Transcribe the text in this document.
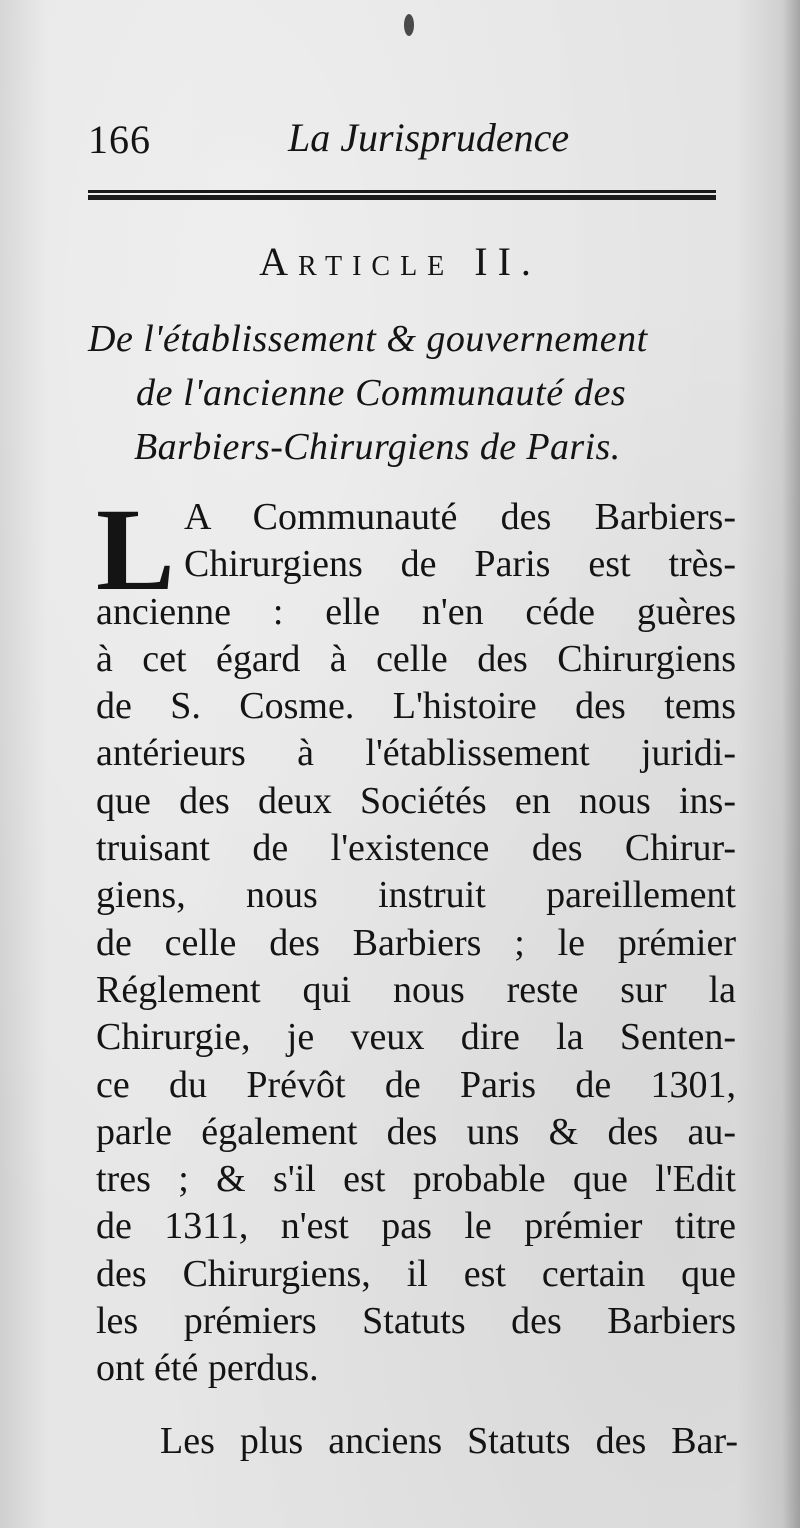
166	La Jurisprudence
Article II.
De l'établissement & gouvernement
de l'ancienne Communauté des
Barbiers-Chirurgiens de Paris.
L A Communauté des Barbiers-
Chirurgiens de Paris est très-
ancienne : elle n'en céde guères
à cet égard à celle des Chirurgiens
de S. Cosme. L'histoire des tems
antérieurs à l'établissement juridi-
que des deux Sociétés en nous ins-
truisant de l'existence des Chirur-
giens, nous instruit pareillement
de celle des Barbiers ; le prémier
Réglement qui nous reste sur la
Chirurgie, je veux dire la Senten-
ce du Prévôt de Paris de 1301,
parle également des uns & des au-
tres ; & s'il est probable que l'Edit
de 1311, n'est pas le prémier titre
des Chirurgiens, il est certain que
les prémiers Statuts des Barbiers
ont été perdus.
Les plus anciens Statuts des Bar-
